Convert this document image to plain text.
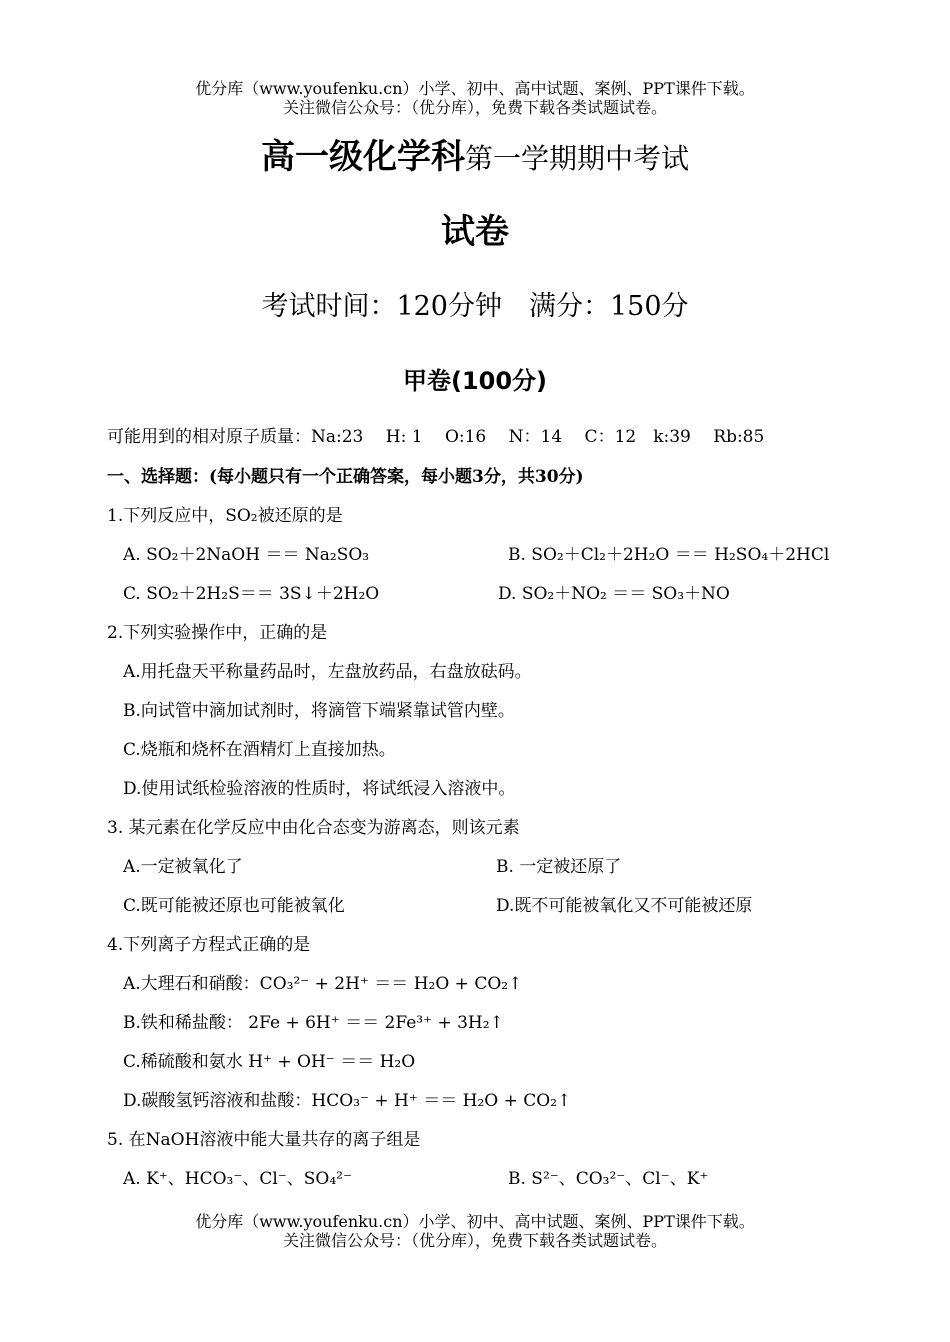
优分库（www.youfenku.cn）小学、初中、高中试题、案例、PPT课件下载。
关注微信公众号：（优分库），免费下载各类试题试卷。
高一级化学科第一学期期中考试
试卷
考试时间：120分钟　满分：150分
甲卷(100分)
可能用到的相对原子质量：Na:23　 H: 1　 O:16　 N：14　 C：12　k:39　 Rb:85
一、选择题：(每小题只有一个正确答案，每小题3分，共30分)
1.下列反应中，SO₂被还原的是
A. SO₂＋2NaOH ＝＝ Na₂SO₃	B. SO₂＋Cl₂＋2H₂O ＝＝ H₂SO₄＋2HCl
C. SO₂＋2H₂S＝＝ 3S↓＋2H₂O	D. SO₂＋NO₂ ＝＝ SO₃＋NO
2.下列实验操作中，正确的是
A.用托盘天平称量药品时，左盘放药品，右盘放砝码。
B.向试管中滴加试剂时，将滴管下端紧靠试管内壁。
C.烧瓶和烧杯在酒精灯上直接加热。
D.使用试纸检验溶液的性质时，将试纸浸入溶液中。
3. 某元素在化学反应中由化合态变为游离态，则该元素
A.一定被氧化了	B. 一定被还原了
C.既可能被还原也可能被氧化	D.既不可能被氧化又不可能被还原
4.下列离子方程式正确的是
A.大理石和硝酸：CO₃²⁻ + 2H⁺ ＝＝ H₂O + CO₂↑
B.铁和稀盐酸： 2Fe + 6H⁺ ＝＝ 2Fe³⁺ + 3H₂↑
C.稀硫酸和氨水 H⁺ + OH⁻ ＝＝ H₂O
D.碳酸氢钙溶液和盐酸：HCO₃⁻ + H⁺ ＝＝ H₂O + CO₂↑
5. 在NaOH溶液中能大量共存的离子组是
A. K⁺、HCO₃⁻、Cl⁻、SO₄²⁻	B. S²⁻、CO₃²⁻、Cl⁻、K⁺
优分库（www.youfenku.cn）小学、初中、高中试题、案例、PPT课件下载。
关注微信公众号：（优分库），免费下载各类试题试卷。
